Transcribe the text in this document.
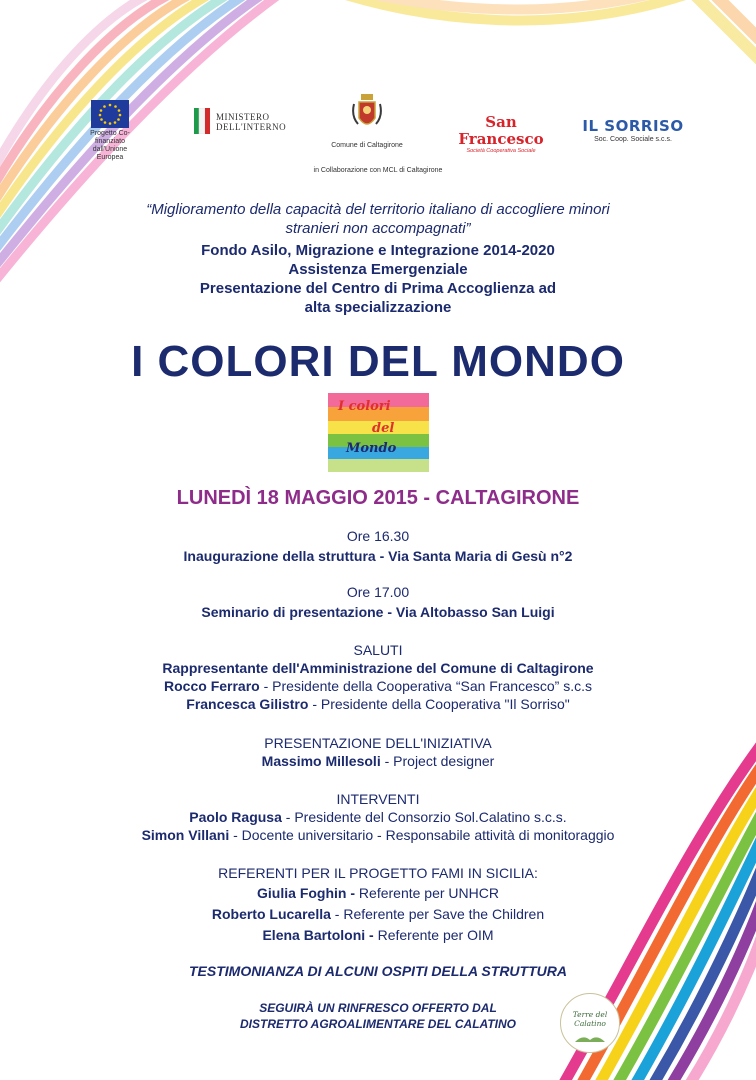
Progetto Co-finanziato
dall'Unione Europea
MINISTERO
DELL'INTERNO
Comune di Caltagirone
San Francesco
Società Cooperativa Sociale
IL SORRISO
Soc. Coop. Sociale s.c.s.
in Collaborazione con MCL di Caltagirone
“Miglioramento della capacità del territorio italiano di accogliere minori
stranieri non accompagnati”
Fondo Asilo, Migrazione e Integrazione 2014-2020
Assistenza Emergenziale
Presentazione del Centro di Prima Accoglienza ad
alta specializzazione
I COLORI DEL MONDO
I colori
del
Mondo
LUNEDÌ 18 MAGGIO 2015 - CALTAGIRONE
Ore 16.30
Inaugurazione della struttura - Via Santa Maria di Gesù n°2
Ore 17.00
Seminario di presentazione - Via Altobasso San Luigi
SALUTI
Rappresentante dell'Amministrazione del Comune di Caltagirone
Rocco Ferraro - Presidente della Cooperativa “San Francesco” s.c.s
Francesca Gilistro - Presidente della Cooperativa "Il Sorriso"
PRESENTAZIONE DELL'INIZIATIVA
Massimo Millesoli - Project designer
INTERVENTI
Paolo Ragusa - Presidente del Consorzio Sol.Calatino s.c.s.
Simon Villani - Docente universitario - Responsabile attività di monitoraggio
REFERENTI PER IL PROGETTO FAMI IN SICILIA:
Giulia Foghin - Referente per UNHCR
Roberto Lucarella - Referente per Save the Children
Elena Bartoloni - Referente per OIM
TESTIMONIANZA DI ALCUNI OSPITI DELLA STRUTTURA
SEGUIRÀ UN RINFRESCO OFFERTO DAL
DISTRETTO AGROALIMENTARE DEL CALATINO
Terre del Calatino
